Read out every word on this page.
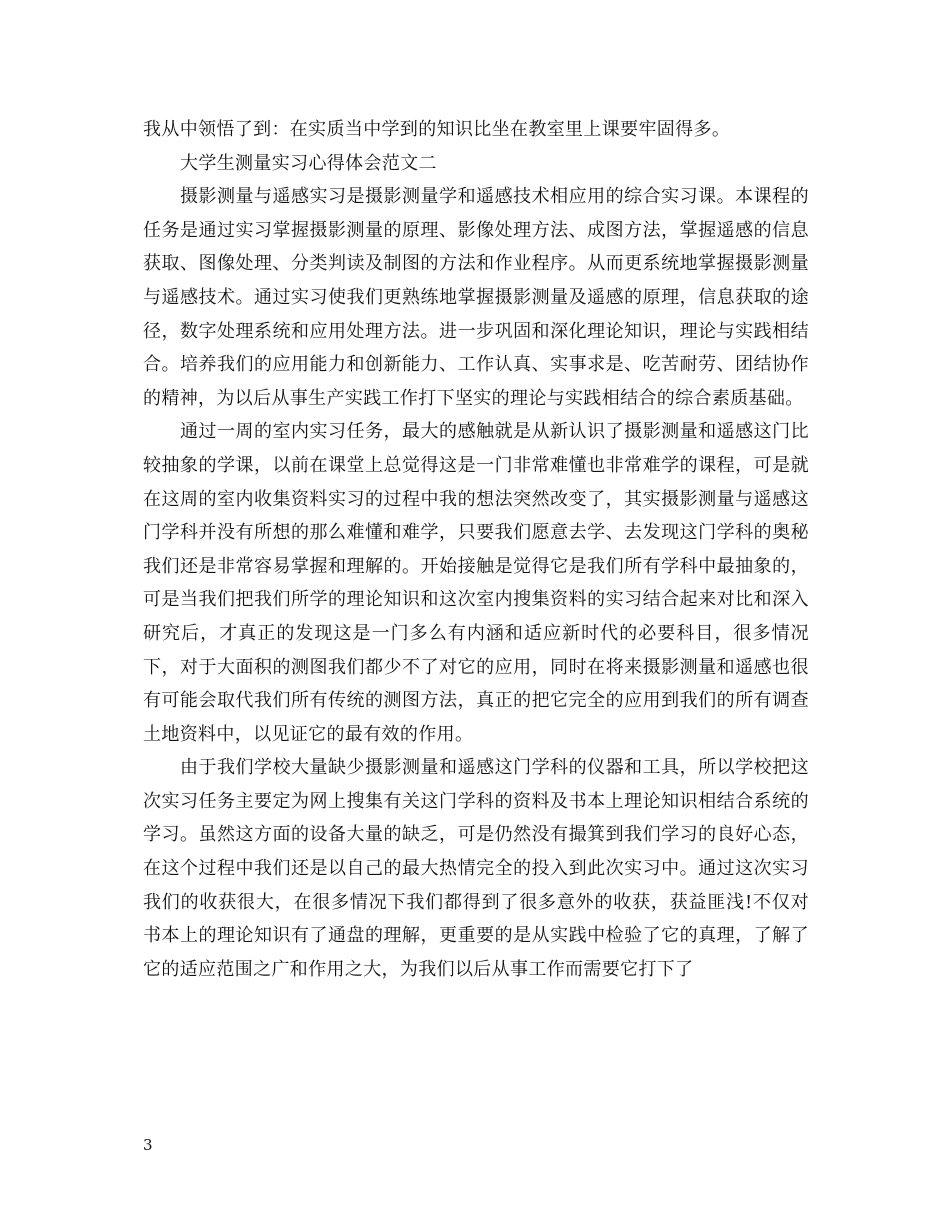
我从中领悟了到：在实质当中学到的知识比坐在教室里上课要牢固得多。

大学生测量实习心得体会范文二

摄影测量与遥感实习是摄影测量学和遥感技术相应用的综合实习课。本课程的任务是通过实习掌握摄影测量的原理、影像处理方法、成图方法，掌握遥感的信息获取、图像处理、分类判读及制图的方法和作业程序。从而更系统地掌握摄影测量与遥感技术。通过实习使我们更熟练地掌握摄影测量及遥感的原理，信息获取的途径，数字处理系统和应用处理方法。进一步巩固和深化理论知识，理论与实践相结合。培养我们的应用能力和创新能力、工作认真、实事求是、吃苦耐劳、团结协作的精神，为以后从事生产实践工作打下坚实的理论与实践相结合的综合素质基础。

通过一周的室内实习任务，最大的感触就是从新认识了摄影测量和遥感这门比较抽象的学课，以前在课堂上总觉得这是一门非常难懂也非常难学的课程，可是就在这周的室内收集资料实习的过程中我的想法突然改变了，其实摄影测量与遥感这门学科并没有所想的那么难懂和难学，只要我们愿意去学、去发现这门学科的奥秘我们还是非常容易掌握和理解的。开始接触是觉得它是我们所有学科中最抽象的，可是当我们把我们所学的理论知识和这次室内搜集资料的实习结合起来对比和深入研究后，才真正的发现这是一门多么有内涵和适应新时代的必要科目，很多情况下，对于大面积的测图我们都少不了对它的应用，同时在将来摄影测量和遥感也很有可能会取代我们所有传统的测图方法，真正的把它完全的应用到我们的所有调查土地资料中，以见证它的最有效的作用。

由于我们学校大量缺少摄影测量和遥感这门学科的仪器和工具，所以学校把这次实习任务主要定为网上搜集有关这门学科的资料及书本上理论知识相结合系统的学习。虽然这方面的设备大量的缺乏，可是仍然没有撮箕到我们学习的良好心态，在这个过程中我们还是以自己的最大热情完全的投入到此次实习中。通过这次实习我们的收获很大，在很多情况下我们都得到了很多意外的收获，获益匪浅!不仅对书本上的理论知识有了通盘的理解，更重要的是从实践中检验了它的真理，了解了它的适应范围之广和作用之大，为我们以后从事工作而需要它打下了

3
